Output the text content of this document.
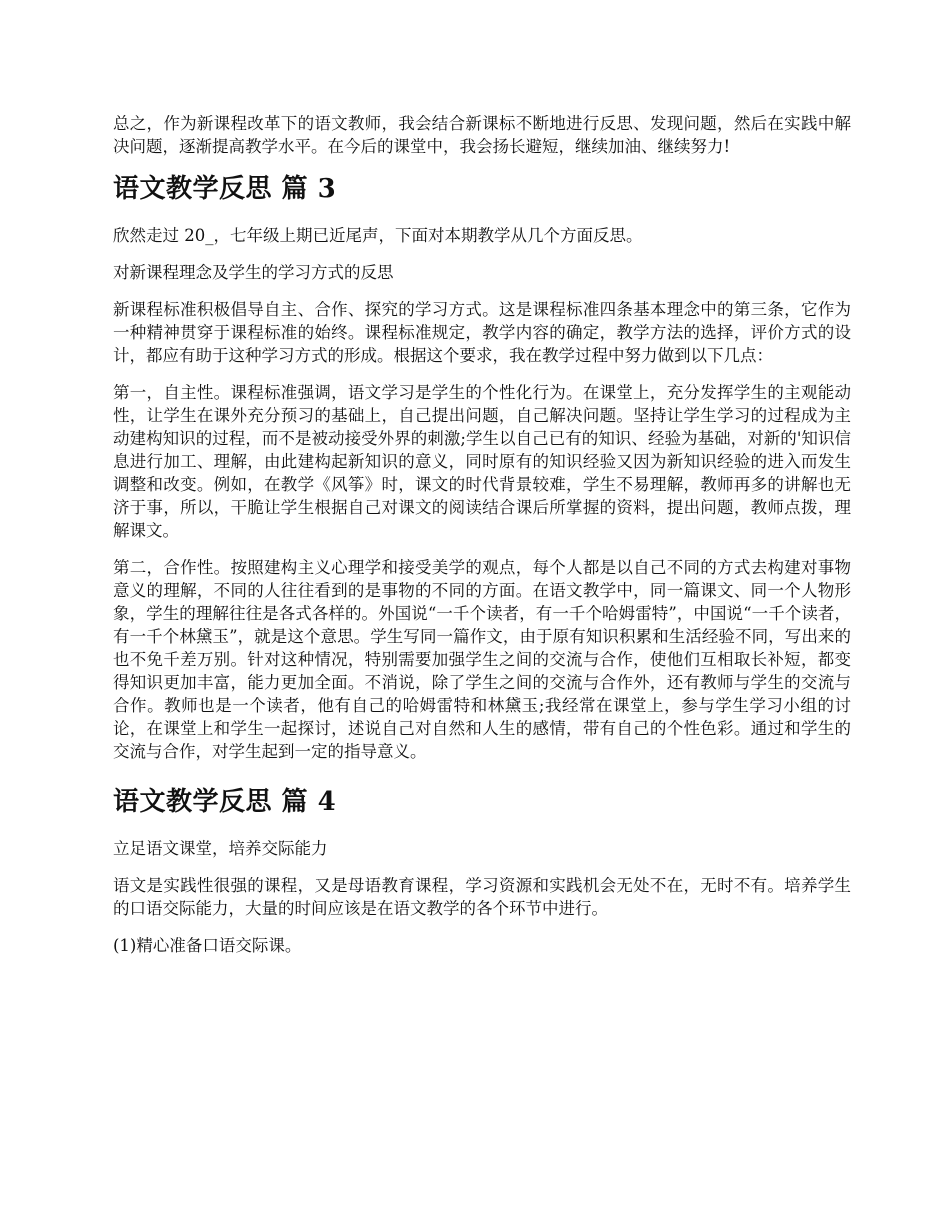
总之，作为新课程改革下的语文教师，我会结合新课标不断地进行反思、发现问题，然后在实践中解决问题，逐渐提高教学水平。在今后的课堂中，我会扬长避短，继续加油、继续努力!

语文教学反思 篇 3

欣然走过 20_，七年级上期已近尾声，下面对本期教学从几个方面反思。

对新课程理念及学生的学习方式的反思

新课程标准积极倡导自主、合作、探究的学习方式。这是课程标准四条基本理念中的第三条，它作为一种精神贯穿于课程标准的始终。课程标准规定，教学内容的确定，教学方法的选择，评价方式的设计，都应有助于这种学习方式的形成。根据这个要求，我在教学过程中努力做到以下几点：

第一，自主性。课程标准强调，语文学习是学生的个性化行为。在课堂上，充分发挥学生的主观能动性，让学生在课外充分预习的基础上，自己提出问题，自己解决问题。坚持让学生学习的过程成为主动建构知识的过程，而不是被动接受外界的刺激;学生以自己已有的知识、经验为基础，对新的'知识信息进行加工、理解，由此建构起新知识的意义，同时原有的知识经验又因为新知识经验的进入而发生调整和改变。例如，在教学《风筝》时，课文的时代背景较难，学生不易理解，教师再多的讲解也无济于事，所以，干脆让学生根据自己对课文的阅读结合课后所掌握的资料，提出问题，教师点拨，理解课文。

第二，合作性。按照建构主义心理学和接受美学的观点，每个人都是以自己不同的方式去构建对事物意义的理解，不同的人往往看到的是事物的不同的方面。在语文教学中，同一篇课文、同一个人物形象，学生的理解往往是各式各样的。外国说“一千个读者，有一千个哈姆雷特”，中国说“一千个读者，有一千个林黛玉”，就是这个意思。学生写同一篇作文，由于原有知识积累和生活经验不同，写出来的也不免千差万别。针对这种情况，特别需要加强学生之间的交流与合作，使他们互相取长补短，都变得知识更加丰富，能力更加全面。不消说，除了学生之间的交流与合作外，还有教师与学生的交流与合作。教师也是一个读者，他有自己的哈姆雷特和林黛玉;我经常在课堂上，参与学生学习小组的讨论，在课堂上和学生一起探讨，述说自己对自然和人生的感情，带有自己的个性色彩。通过和学生的交流与合作，对学生起到一定的指导意义。

语文教学反思 篇 4

立足语文课堂，培养交际能力

语文是实践性很强的课程，又是母语教育课程，学习资源和实践机会无处不在，无时不有。培养学生的口语交际能力，大量的时间应该是在语文教学的各个环节中进行。

(1)精心准备口语交际课。
